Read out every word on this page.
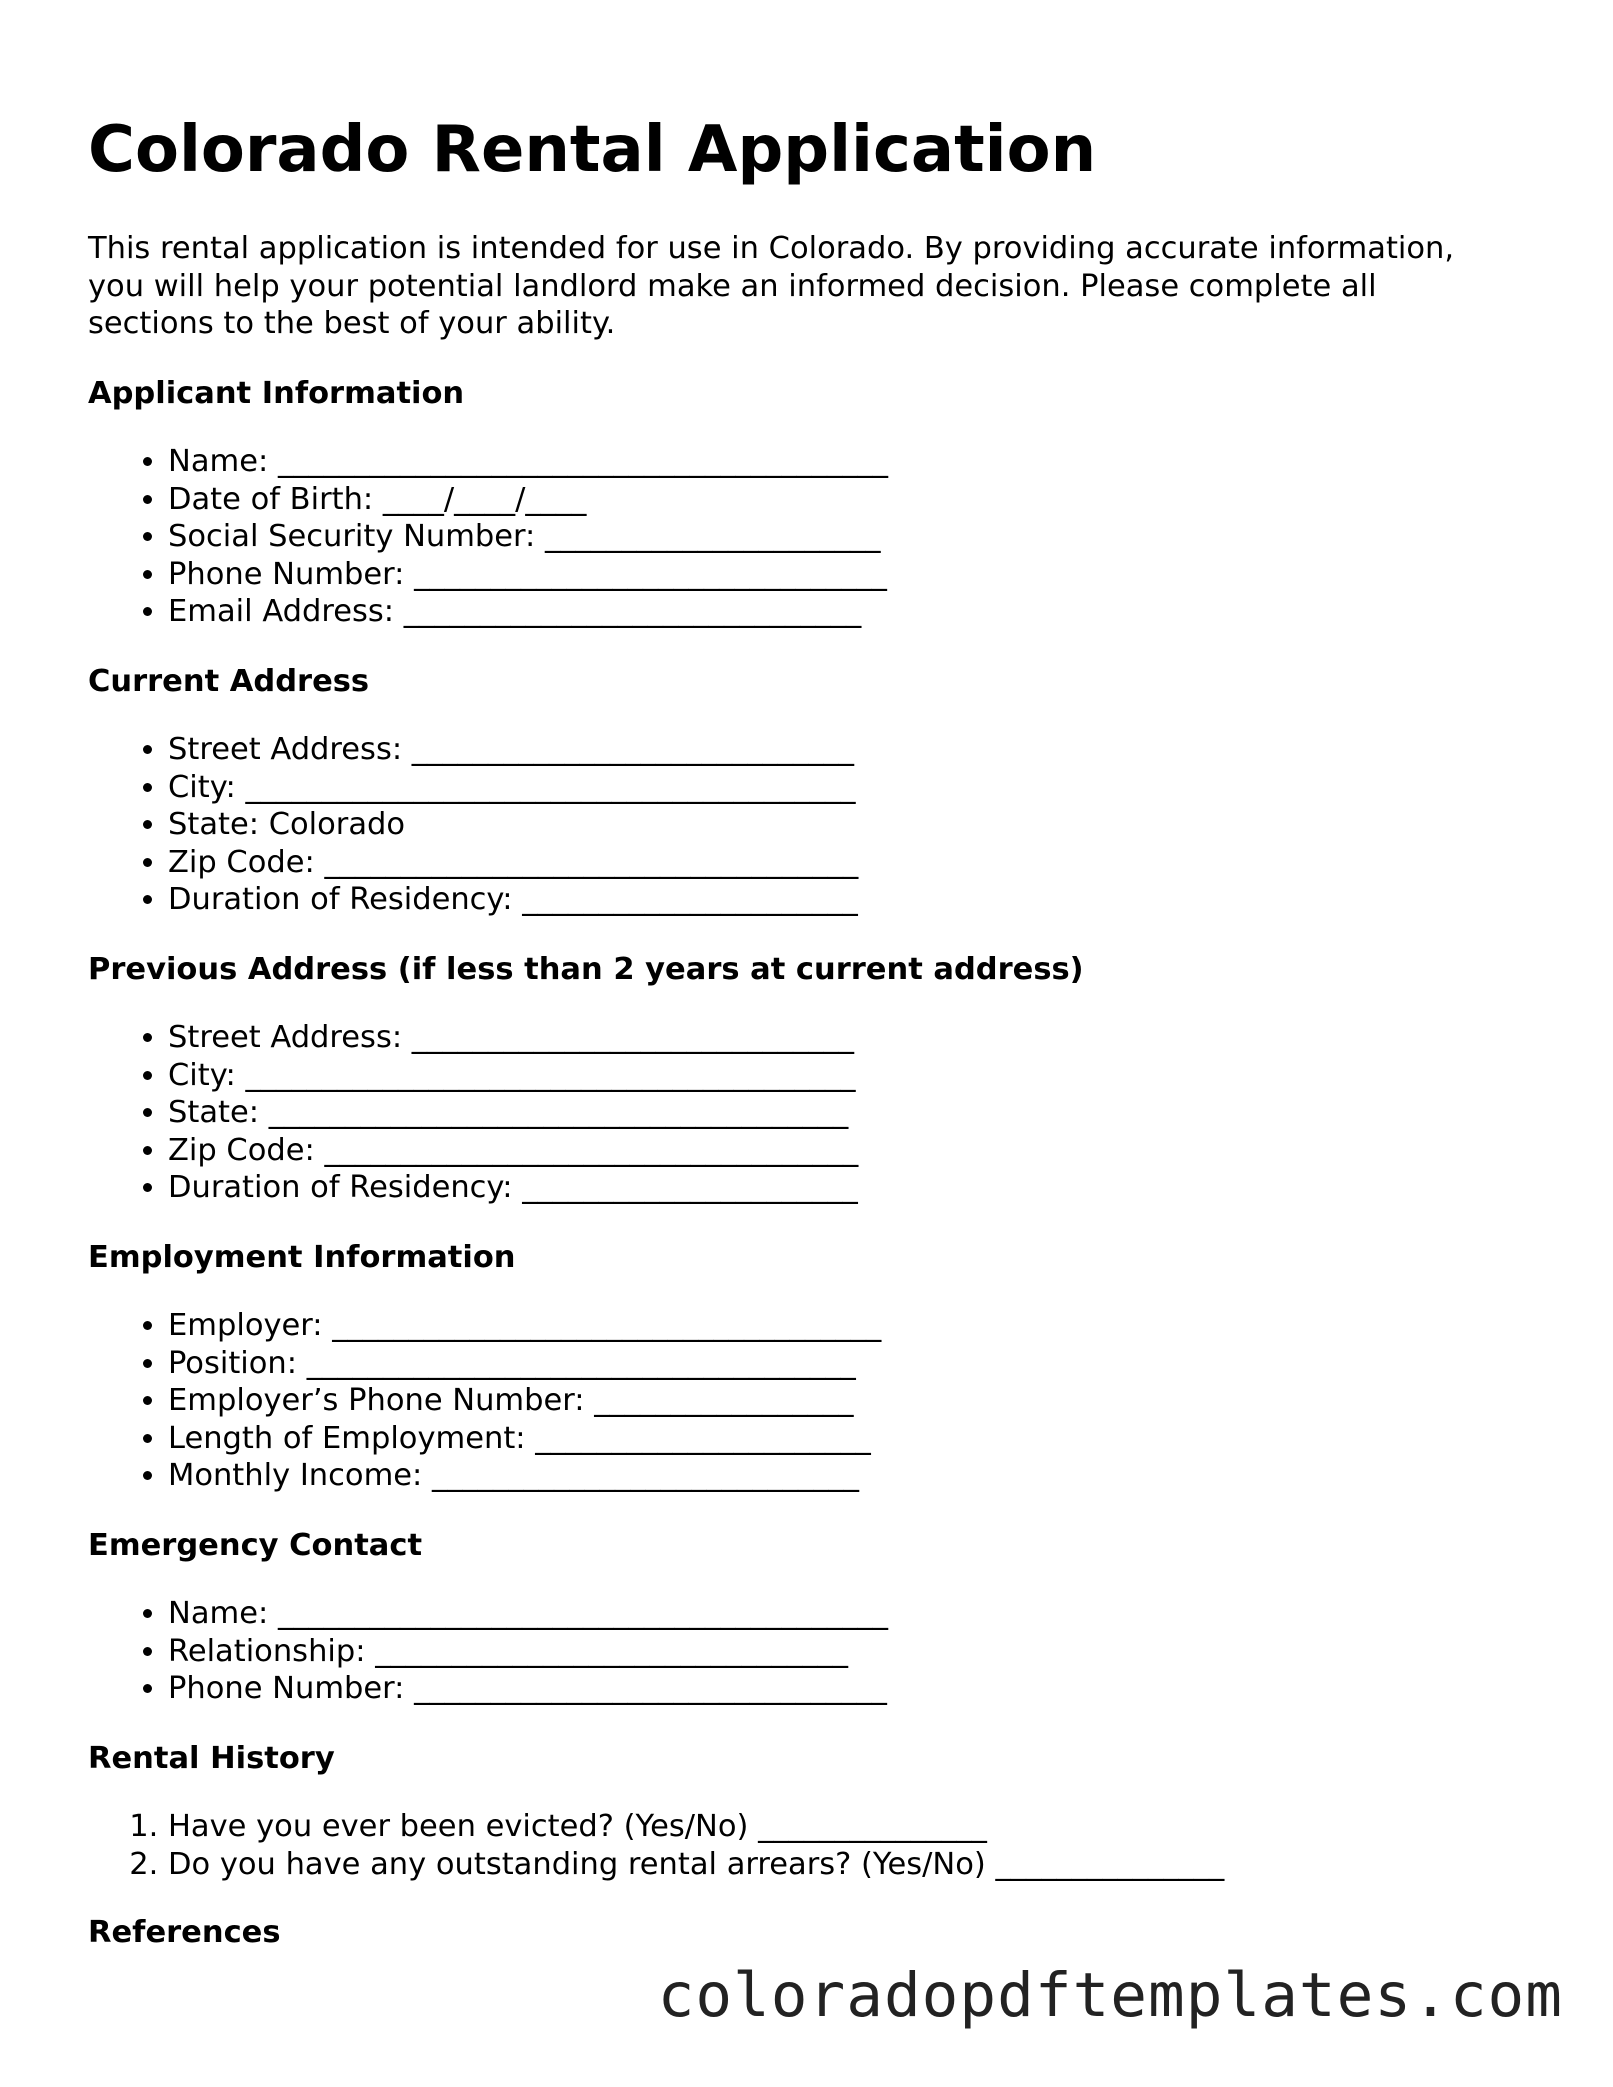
Colorado Rental Application

This rental application is intended for use in Colorado. By providing accurate information, you will help your potential landlord make an informed decision. Please complete all sections to the best of your ability.

Applicant Information
• Name: ________________________________________
• Date of Birth: ____/____/____
• Social Security Number: ______________________
• Phone Number: _______________________________
• Email Address: ______________________________
Current Address
• Street Address: _____________________________
• City: ________________________________________
• State: Colorado
• Zip Code: ___________________________________
• Duration of Residency: ______________________
Previous Address (if less than 2 years at current address)
• Street Address: _____________________________
• City: ________________________________________
• State: ______________________________________
• Zip Code: ___________________________________
• Duration of Residency: ______________________
Employment Information
• Employer: ____________________________________
• Position: ____________________________________
• Employer’s Phone Number: _________________
• Length of Employment: ______________________
• Monthly Income: ____________________________
Emergency Contact
• Name: ________________________________________
• Relationship: _______________________________
• Phone Number: _______________________________
Rental History
1. Have you ever been evicted? (Yes/No) _______________
2. Do you have any outstanding rental arrears? (Yes/No) _______________
References
coloradopdftemplates.com
